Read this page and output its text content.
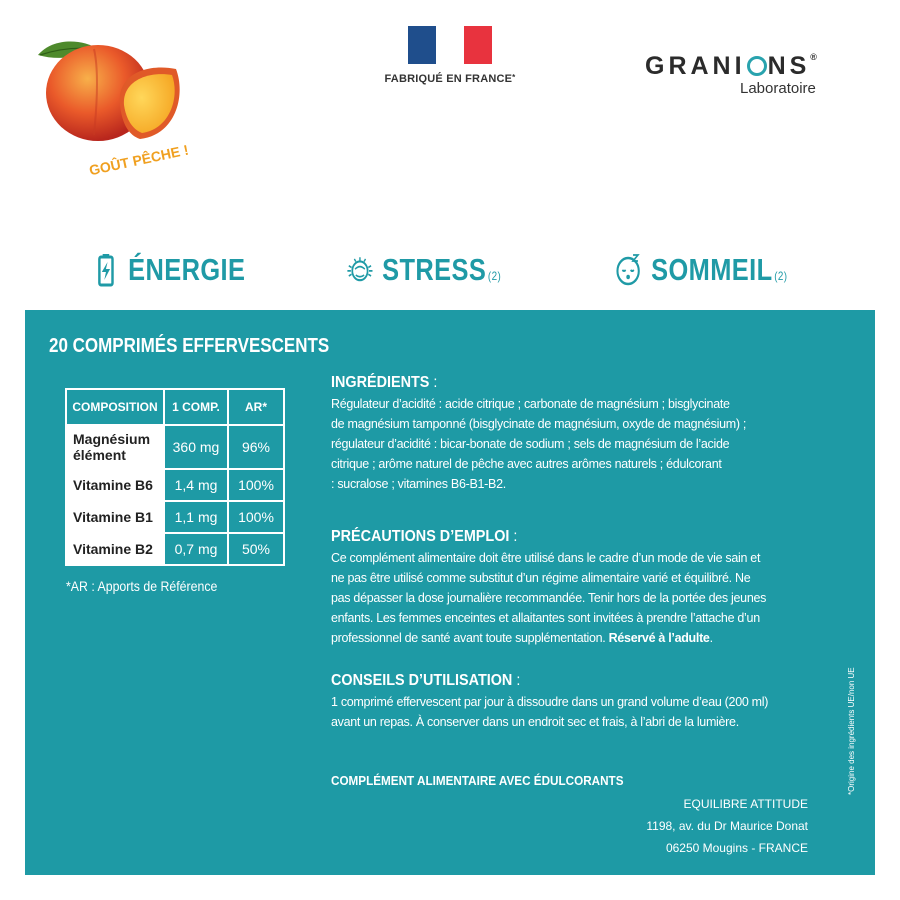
GOÛT PÊCHE !
FABRIQUÉ EN FRANCE*	GRANI NS®
Laboratoire
ÉNERGIE	STRESS$^{(2)}$	SOMMEIL$^{(2)}$
20 COMPRIMÉS EFFERVESCENTS
COMPOSITION	1 COMP.	AR*
Magnésium élément	360 mg	96%
Vitamine B6	1,4 mg	100%
Vitamine B1	1,1 mg	100%
Vitamine B2	0,7 mg	50%
*AR : Apports de Référence
INGRÉDIENTS :
Régulateur d’acidité : acide citrique ; carbonate de magnésium ; bisglycinate
de magnésium tamponné (bisglycinate de magnésium, oxyde de magnésium) ;
régulateur d’acidité : bicar-bonate de sodium ; sels de magnésium de l’acide
citrique ; arôme naturel de pêche avec autres arômes naturels ; édulcorant
: sucralose ; vitamines B6-B1-B2.
PRÉCAUTIONS D’EMPLOI :
Ce complément alimentaire doit être utilisé dans le cadre d’un mode de vie sain et
ne pas être utilisé comme substitut d’un régime alimentaire varié et équilibré. Ne
pas dépasser la dose journalière recommandée. Tenir hors de la portée des jeunes
enfants. Les femmes enceintes et allaitantes sont invitées à prendre l’attache d’un
professionnel de santé avant toute supplémentation. Réservé à l’adulte.
CONSEILS D’UTILISATION :
1 comprimé effervescent par jour à dissoudre dans un grand volume d’eau (200 ml)
avant un repas. À conserver dans un endroit sec et frais, à l’abri de la lumière.
COMPLÉMENT ALIMENTAIRE AVEC ÉDULCORANTS
EQUILIBRE ATTITUDE
1198, av. du Dr Maurice Donat
06250 Mougins - FRANCE
*Origine des ingrédients UE/non UE
